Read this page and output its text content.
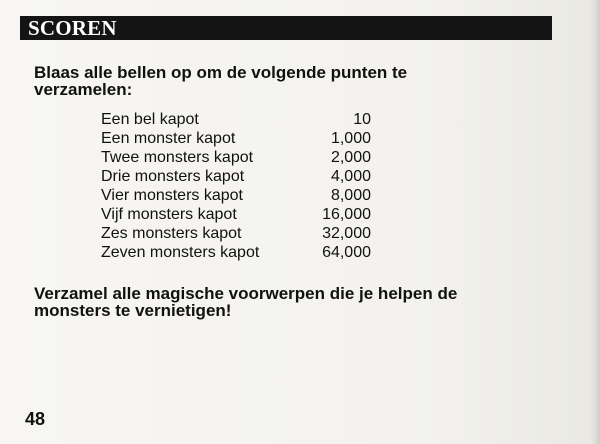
SCOREN
Blaas alle bellen op om de volgende punten te verzamelen:
Een bel kapot	10
Een monster kapot	1,000
Twee monsters kapot	2,000
Drie monsters kapot	4,000
Vier monsters kapot	8,000
Vijf monsters kapot	16,000
Zes monsters kapot	32,000
Zeven monsters kapot	64,000
Verzamel alle magische voorwerpen die je helpen de monsters te vernietigen!
48
